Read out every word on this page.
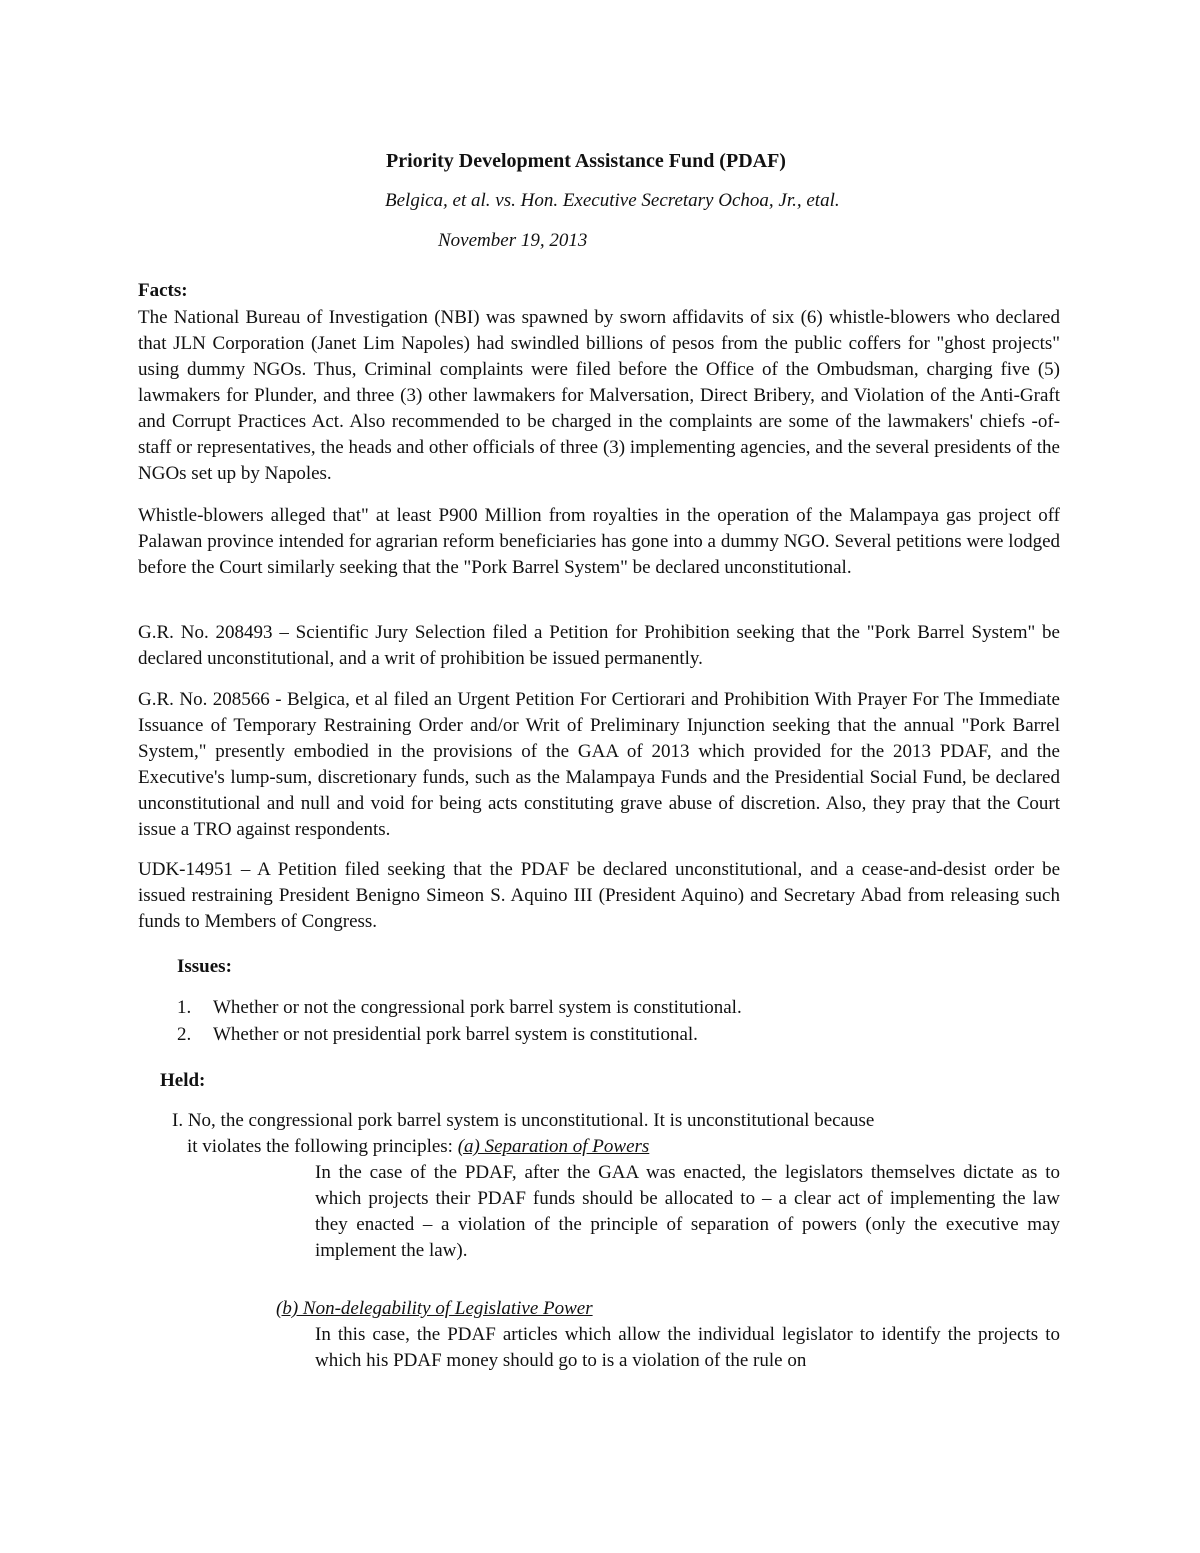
Priority Development Assistance Fund (PDAF)

Belgica, et al. vs. Hon. Executive Secretary Ochoa, Jr., etal.

November 19, 2013

Facts:

The National Bureau of Investigation (NBI) was spawned by sworn affidavits of six (6) whistle-blowers who declared that JLN Corporation (Janet Lim Napoles) had swindled billions of pesos from the public coffers for "ghost projects" using dummy NGOs. Thus, Criminal complaints were filed before the Office of the Ombudsman, charging five (5) lawmakers for Plunder, and three (3) other lawmakers for Malversation, Direct Bribery, and Violation of the Anti-Graft and Corrupt Practices Act. Also recommended to be charged in the complaints are some of the lawmakers' chiefs -of-staff or representatives, the heads and other officials of three (3) implementing agencies, and the several presidents of the NGOs set up by Napoles.

Whistle-blowers alleged that" at least P900 Million from royalties in the operation of the Malampaya gas project off Palawan province intended for agrarian reform beneficiaries has gone into a dummy NGO. Several petitions were lodged before the Court similarly seeking that the "Pork Barrel System" be declared unconstitutional.

G.R. No. 208493 – Scientific Jury Selection filed a Petition for Prohibition seeking that the "Pork Barrel System" be declared unconstitutional, and a writ of prohibition be issued permanently.

G.R. No. 208566 - Belgica, et al filed an Urgent Petition For Certiorari and Prohibition With Prayer For The Immediate Issuance of Temporary Restraining Order and/or Writ of Preliminary Injunction seeking that the annual "Pork Barrel System," presently embodied in the provisions of the GAA of 2013 which provided for the 2013 PDAF, and the Executive's lump-sum, discretionary funds, such as the Malampaya Funds and the Presidential Social Fund, be declared unconstitutional and null and void for being acts constituting grave abuse of discretion. Also, they pray that the Court issue a TRO against respondents.

UDK-14951 – A Petition filed seeking that the PDAF be declared unconstitutional, and a cease-and-desist order be issued restraining President Benigno Simeon S. Aquino III (President Aquino) and Secretary Abad from releasing such funds to Members of Congress.

Issues:

1.	Whether or not the congressional pork barrel system is constitutional.
2.	Whether or not presidential pork barrel system is constitutional.

Held:

I. No, the congressional pork barrel system is unconstitutional. It is unconstitutional because

it violates the following principles: (a) Separation of Powers

In the case of the PDAF, after the GAA was enacted, the legislators themselves dictate as to which projects their PDAF funds should be allocated to – a clear act of implementing the law they enacted – a violation of the principle of separation of powers (only the executive may implement the law).

(b) Non-delegability of Legislative Power

In this case, the PDAF articles which allow the individual legislator to identify the projects to which his PDAF money should go to is a violation of the rule on
